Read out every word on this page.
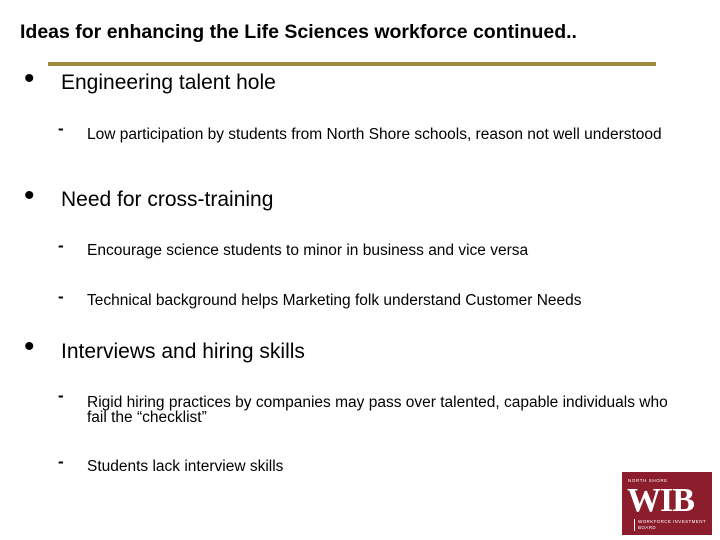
Ideas for enhancing the Life Sciences workforce continued..
• Engineering talent hole
- Low participation by students from North Shore schools, reason not well understood
• Need for cross-training
- Encourage science students to minor in business and vice versa
- Technical background helps Marketing folk understand Customer Needs
• Interviews and hiring skills
- Rigid hiring practices by companies may pass over talented, capable individuals who fail the “checklist”
- Students lack interview skills
NORTH SHORE
WIB
WORKFORCE INVESTMENT BOARD
